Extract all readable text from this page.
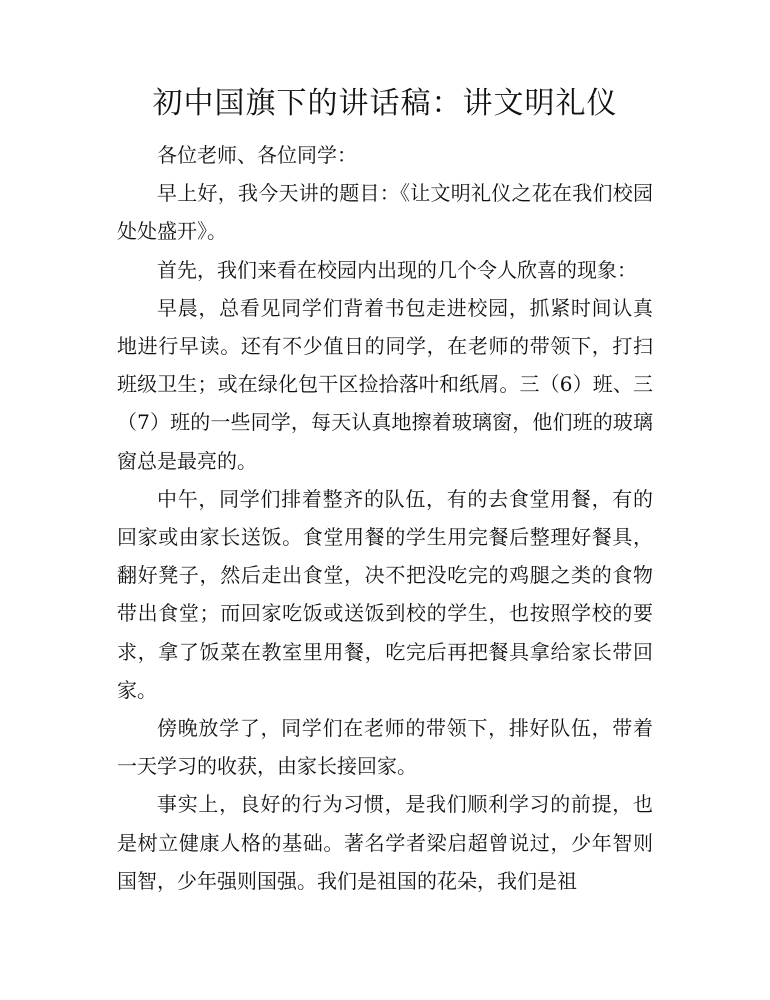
初中国旗下的讲话稿：讲文明礼仪

各位老师、各位同学：

早上好，我今天讲的题目：《让文明礼仪之花在我们校园处处盛开》。

首先，我们来看在校园内出现的几个令人欣喜的现象：

早晨，总看见同学们背着书包走进校园，抓紧时间认真地进行早读。还有不少值日的同学，在老师的带领下，打扫班级卫生；或在绿化包干区捡拾落叶和纸屑。三（6）班、三（7）班的一些同学，每天认真地擦着玻璃窗，他们班的玻璃窗总是最亮的。

中午，同学们排着整齐的队伍，有的去食堂用餐，有的回家或由家长送饭。食堂用餐的学生用完餐后整理好餐具，翻好凳子，然后走出食堂，决不把没吃完的鸡腿之类的食物带出食堂；而回家吃饭或送饭到校的学生，也按照学校的要求，拿了饭菜在教室里用餐，吃完后再把餐具拿给家长带回家。

傍晚放学了，同学们在老师的带领下，排好队伍，带着一天学习的收获，由家长接回家。

事实上，良好的行为习惯，是我们顺利学习的前提，也是树立健康人格的基础。著名学者梁启超曾说过，少年智则国智，少年强则国强。我们是祖国的花朵，我们是祖
